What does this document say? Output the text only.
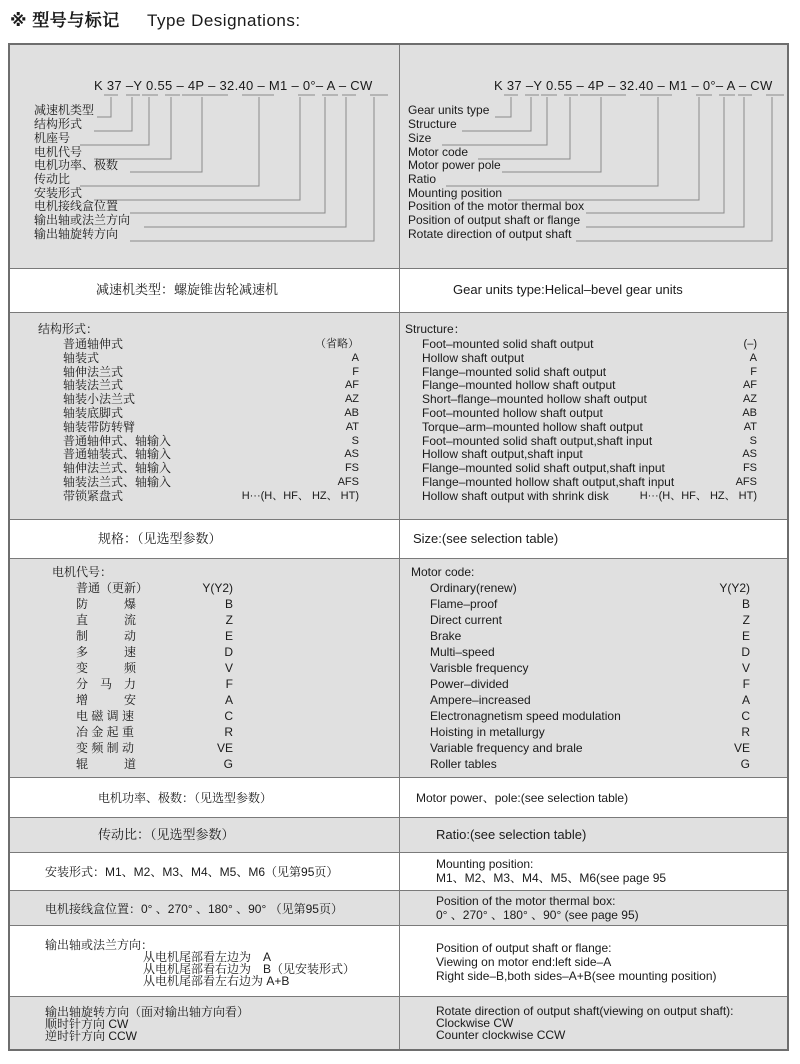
※ 型号与标记 Type Designations:
K 37 –Y 0.55 – 4P – 32.40 – M1 – 0°– A – CW
减速机类型
结构形式
机座号
电机代号
电机功率、极数
传动比
安装形式
电机接线盒位置
输出轴或法兰方向
输出轴旋转方向
K 37 –Y 0.55 – 4P – 32.40 – M1 – 0°– A – CW
Gear units type
Structure
Size
Motor code
Motor power pole
Ratio
Mounting position
Position of the motor thermal box
Position of output shaft or flange
Rotate direction of output shaft
减速机类型：螺旋锥齿轮减速机	Gear units type:Helical–bevel gear units
结构形式：
普通轴伸式	（省略）
轴装式	A
轴伸法兰式	F
轴装法兰式	AF
轴装小法兰式	AZ
轴装底脚式	AB
轴装带防转臂	AT
普通轴伸式、轴输入	S
普通轴装式、轴输入	AS
轴伸法兰式、轴输入	FS
轴装法兰式、轴输入	AFS
带锁紧盘式	H···(H、HF、 HZ、 HT)
Structure：
Foot–mounted solid shaft output	(–)
Hollow shaft output	A
Flange–mounted solid shaft output	F
Flange–mounted hollow shaft output	AF
Short–flange–mounted hollow shaft output	AZ
Foot–mounted hollow shaft output	AB
Torque–arm–mounted hollow shaft output	AT
Foot–mounted solid shaft output,shaft input	S
Hollow shaft output,shaft input	AS
Flange–mounted solid shaft output,shaft input	FS
Flange–mounted hollow shaft output,shaft input	AFS
Hollow shaft output with shrink disk	H···(H、HF、 HZ、 HT)
规格：（见选型参数）	Size:(see selection table)
电机代号：
普通（更新）	Y(Y2)
防　　　爆	B
直　　　流	Z
制　　　动	E
多　　　速	D
变　　　频	V
分　马　力	F
增　　　安	A
电 磁 调 速	C
冶 金 起 重	R
变 频 制 动	VE
辊　　　道	G
Motor code:
Ordinary(renew)	Y(Y2)
Flame–proof	B
Direct current	Z
Brake	E
Multi–speed	D
Varisble frequency	V
Power–divided	F
Ampere–increased	A
Electronagnetism speed modulation	C
Hoisting in metallurgy	R
Variable frequency and brale	VE
Roller tables	G
电机功率、极数：（见选型参数）	Motor power、pole:(see selection table)
传动比：（见选型参数）	Ratio:(see selection table)
安装形式：M1、M2、M3、M4、M5、M6（见第95页）
Mounting position:
M1、M2、M3、M4、M5、M6(see page 95
电机接线盒位置：0° 、270° 、180° 、90° （见第95页）
Position of the motor thermal box:
0° 、270° 、180° 、90° (see page 95)
输出轴或法兰方向：
从电机尾部看左边为　A
从电机尾部看右边为　B（见安装形式）
从电机尾部看左右边为 A+B
Position of output shaft or flange:
Viewing on motor end:left side–A
Right side–B,both sides–A+B(see mounting position)
输出轴旋转方向（面对输出轴方向看）
顺时针方向 CW
逆时针方向 CCW
Rotate direction of output shaft(viewing on output shaft):
Clockwise CW
Counter clockwise CCW
